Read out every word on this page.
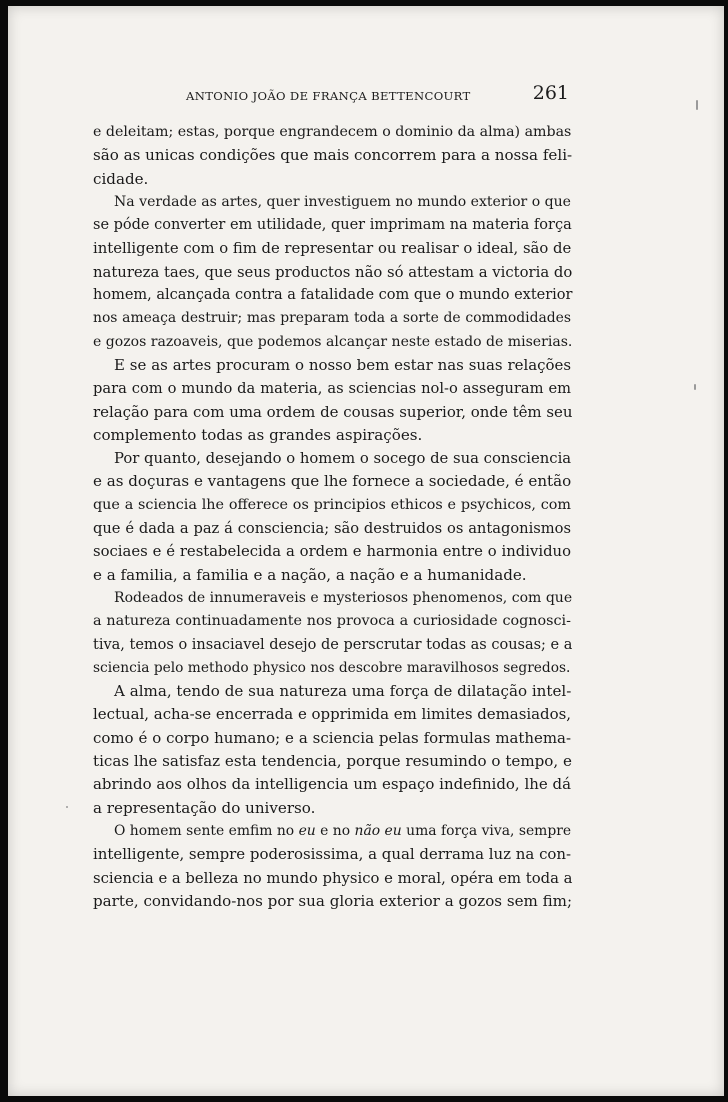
ANTONIO JOÃO DE FRANÇA BETTENCOURT	261

e deleitam; estas, porque engrandecem o dominio da alma) ambas
são as unicas condições que mais concorrem para a nossa feli-
cidade.

Na verdade as artes, quer investiguem no mundo exterior o que
se póde converter em utilidade, quer imprimam na materia força
intelligente com o fim de representar ou realisar o ideal, são de
natureza taes, que seus productos não só attestam a victoria do
homem, alcançada contra a fatalidade com que o mundo exterior
nos ameaça destruir; mas preparam toda a sorte de commodidades
e gozos razoaveis, que podemos alcançar neste estado de miserias.

E se as artes procuram o nosso bem estar nas suas relações
para com o mundo da materia, as sciencias nol-o asseguram em
relação para com uma ordem de cousas superior, onde têm seu
complemento todas as grandes aspirações.

Por quanto, desejando o homem o socego de sua consciencia
e as doçuras e vantagens que lhe fornece a sociedade, é então
que a sciencia lhe offerece os principios ethicos e psychicos, com
que é dada a paz á consciencia; são destruidos os antagonismos
sociaes e é restabelecida a ordem e harmonia entre o individuo
e a familia, a familia e a nação, a nação e a humanidade.

Rodeados de innumeraveis e mysteriosos phenomenos, com que
a natureza continuadamente nos provoca a curiosidade cognosci-
tiva, temos o insaciavel desejo de perscrutar todas as cousas; e a
sciencia pelo methodo physico nos descobre maravilhosos segredos.

A alma, tendo de sua natureza uma força de dilatação intel-
lectual, acha-se encerrada e opprimida em limites demasiados,
como é o corpo humano; e a sciencia pelas formulas mathema-
ticas lhe satisfaz esta tendencia, porque resumindo o tempo, e
abrindo aos olhos da intelligencia um espaço indefinido, lhe dá
a representação do universo.

O homem sente emfim no eu e no não eu uma força viva, sempre
intelligente, sempre poderosissima, a qual derrama luz na con-
sciencia e a belleza no mundo physico e moral, opéra em toda a
parte, convidando-nos por sua gloria exterior a gozos sem fim;
